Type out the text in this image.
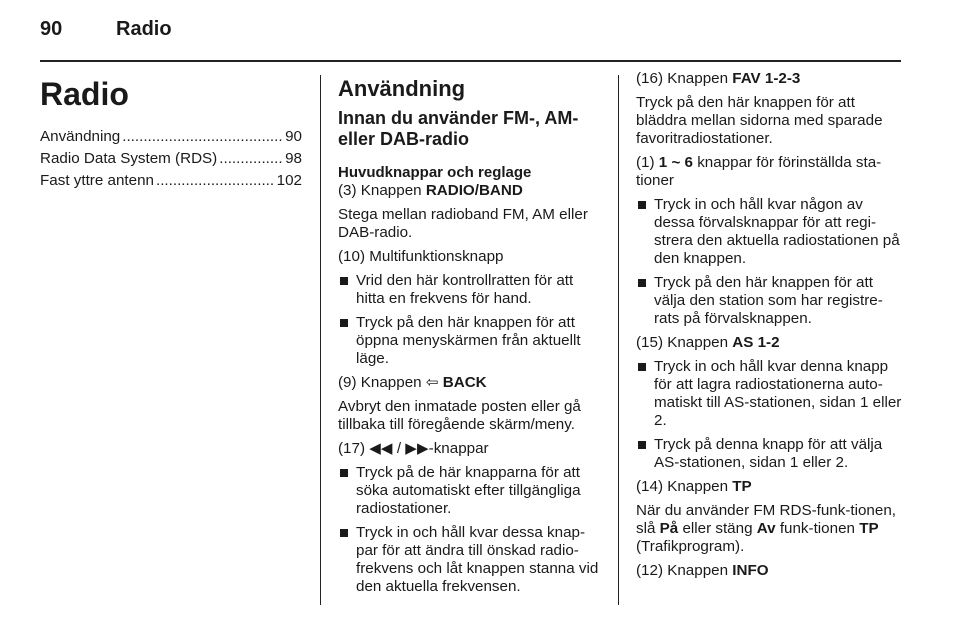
90	Radio
Radio
Användning .....	90
Radio Data System (RDS) .....	98
Fast yttre antenn .....	102
Användning
Innan du använder FM-, AM-
eller DAB-radio
Huvudknappar och reglage
(3) Knappen RADIO/BAND

Stega mellan radioband FM, AM eller DAB-radio.

(10) Multifunktionsknapp
Vrid den här kontrollratten för att hitta en frekvens för hand.
Tryck på den här knappen för att öppna menyskärmen från aktuellt läge.
(9) Knappen ⇦ BACK

Avbryt den inmatade posten eller gå tillbaka till föregående skärm/meny.

(17) ◀◀ / ▶▶-knappar
Tryck på de här knapparna för att söka automatiskt efter tillgängliga radiostationer.
Tryck in och håll kvar dessa knap-par för att ändra till önskad radio-frekvens och låt knappen stanna vid den aktuella frekvensen.
(16) Knappen FAV 1-2-3

Tryck på den här knappen för att bläddra mellan sidorna med sparade favoritradiostationer.

(1) 1 ~ 6 knappar för förinställda sta-tioner
Tryck in och håll kvar någon av dessa förvalsknappar för att regi-strera den aktuella radiostationen på den knappen.
Tryck på den här knappen för att välja den station som har registre-rats på förvalsknappen.
(15) Knappen AS 1-2
Tryck in och håll kvar denna knapp för att lagra radiostationerna auto-matiskt till AS-stationen, sidan 1 eller 2.
Tryck på denna knapp för att välja AS-stationen, sidan 1 eller 2.
(14) Knappen TP

När du använder FM RDS-funk-tionen, slå På eller stäng Av funk-tionen TP (Trafikprogram).

(12) Knappen INFO
